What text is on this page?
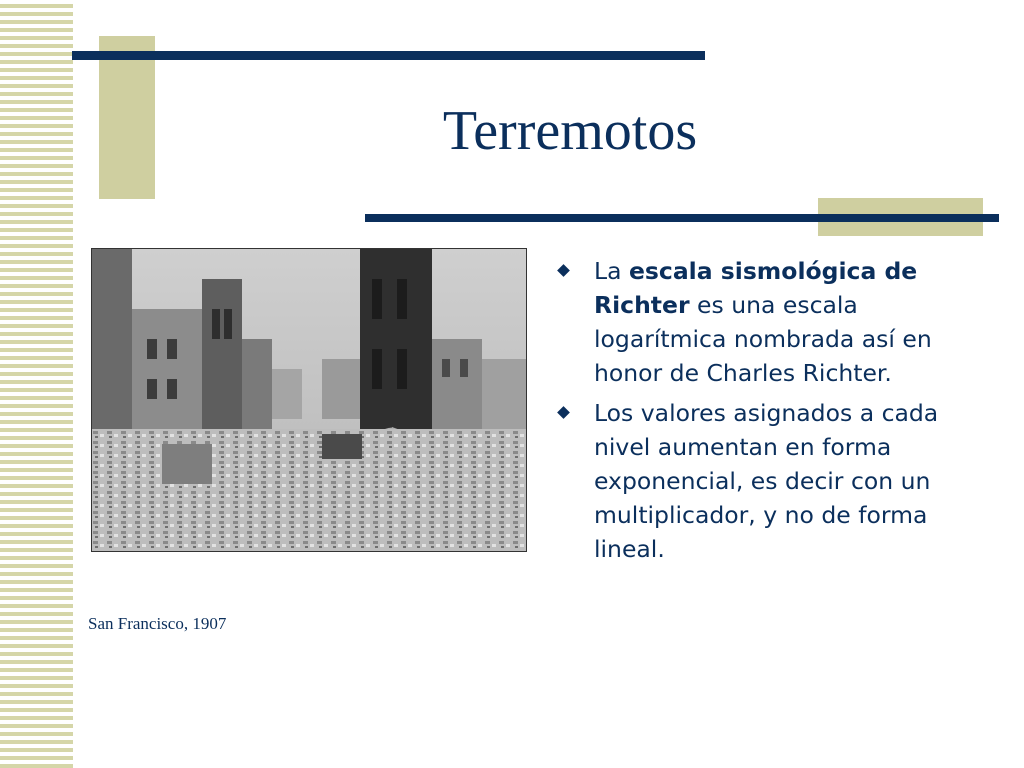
Terremotos
San Francisco, 1907
La escala sismológica de Richter es una escala logarítmica nombrada así en honor de Charles Richter.
Los valores asignados a cada nivel aumentan en forma exponencial, es decir con un multiplicador, y no de forma lineal.
